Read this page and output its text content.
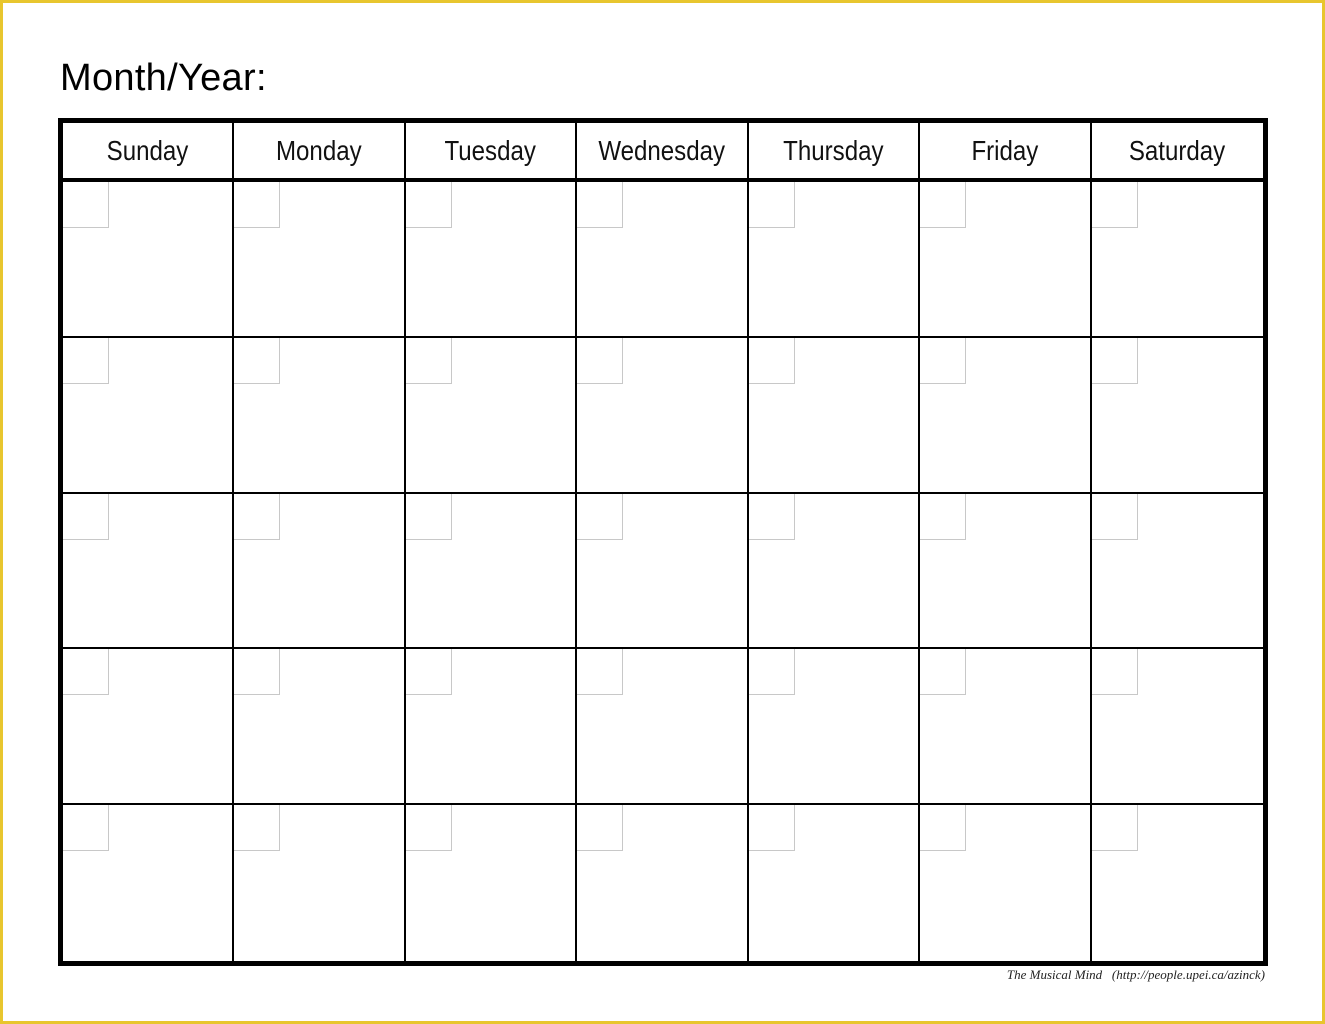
Month/Year:
Sunday	Monday	Tuesday Wednesday Thursday	Friday	Saturday
The Musical Mind   (http://people.upei.ca/azinck)
